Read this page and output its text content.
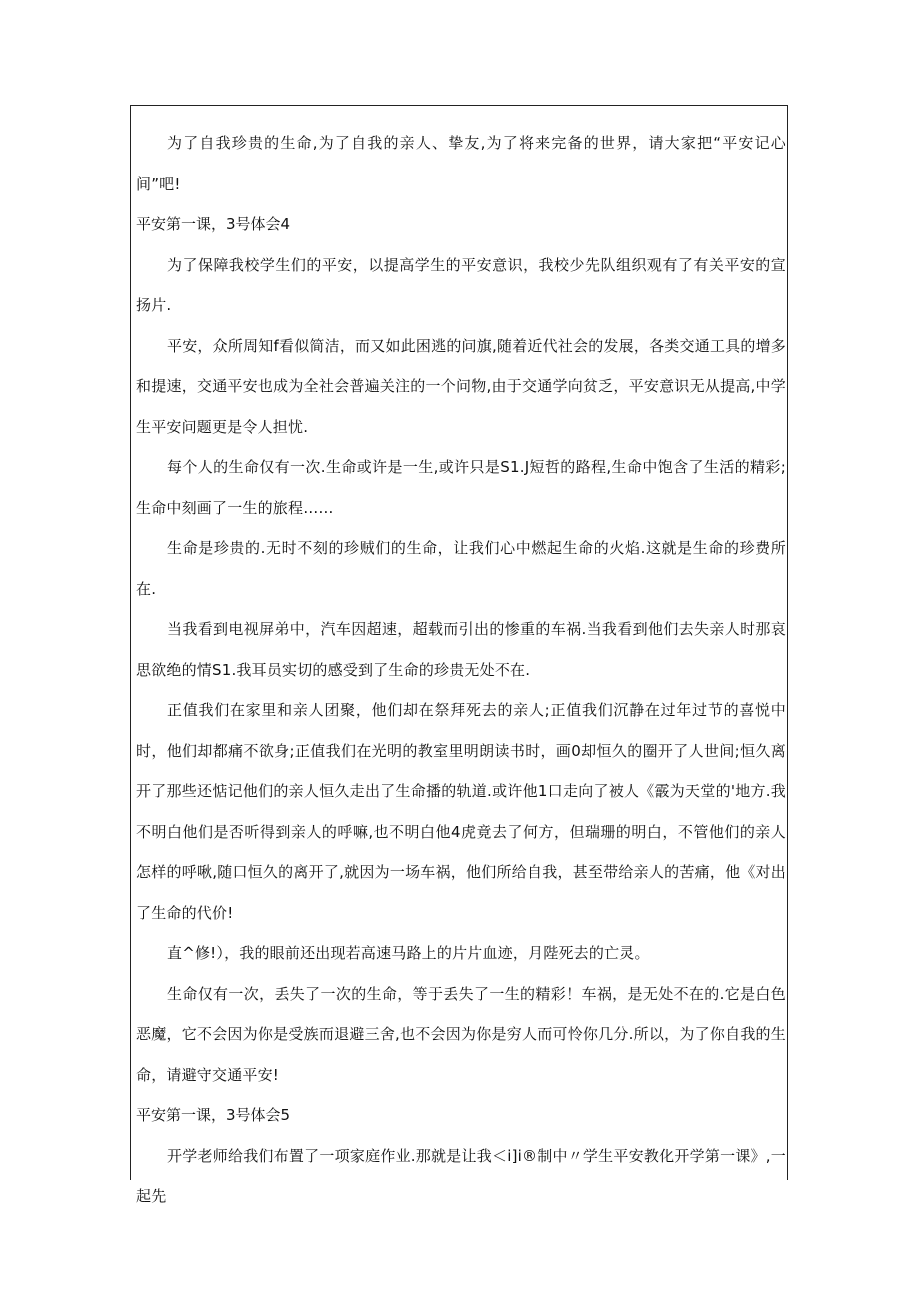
为了自我珍贵的生命,为了自我的亲人、挚友,为了将来完备的世界，请大家把“平安记心间”吧!

平安第一课，3号体会4

为了保障我校学生们的平安，以提高学生的平安意识，我校少先队组织观有了有关平安的宣扬片.

平安，众所周知f看似简洁，而又如此困逃的问旗,随着近代社会的发展，各类交通工具的增多和提速，交通平安也成为全社会普遍关注的一个问物,由于交通学向贫乏，平安意识无从提高,中学生平安问题更是令人担忧.

每个人的生命仅有一次.生命或许是一生,或许只是S1.J短哲的路程,生命中饱含了生活的精彩;生命中刻画了一生的旅程……

生命是珍贵的.无时不刻的珍贼们的生命，让我们心中燃起生命的火焰.这就是生命的珍费所在.

当我看到电视屏弟中，汽车因超速，超载而引出的惨重的车祸.当我看到他们去失亲人时那哀思欲绝的情S1.我耳员实切的感受到了生命的珍贵无处不在.

正值我们在家里和亲人团聚，他们却在祭拜死去的亲人;正值我们沉静在过年过节的喜悦中时，他们却都痛不欲身;正值我们在光明的教室里明朗读书时，画0却恒久的圈开了人世间;恒久离开了那些还惦记他们的亲人恒久走出了生命播的轨道.或许他1口走向了被人《霰为天堂的'地方.我不明白他们是否听得到亲人的呼嘛,也不明白他4虎竟去了何方，但瑞珊的明白，不管他们的亲人怎样的呼啾,随口恒久的离开了,就因为一场车祸，他们所给自我，甚至带给亲人的苦痛，他《对出了生命的代价!

直^修!），我的眼前还出现若高速马路上的片片血迹，月陛死去的亡灵。

生命仅有一次，丢失了一次的生命，等于丢失了一生的精彩！车祸，是无处不在的.它是白色恶魔，它不会因为你是受族而退避三舍,也不会因为你是穷人而可怜你几分.所以，为了你自我的生命，请避守交通平安!

平安第一课，3号体会5

开学老师给我们布置了一项家庭作业.那就是让我＜i]i®制中〃学生平安教化开学第一课》,一起先
